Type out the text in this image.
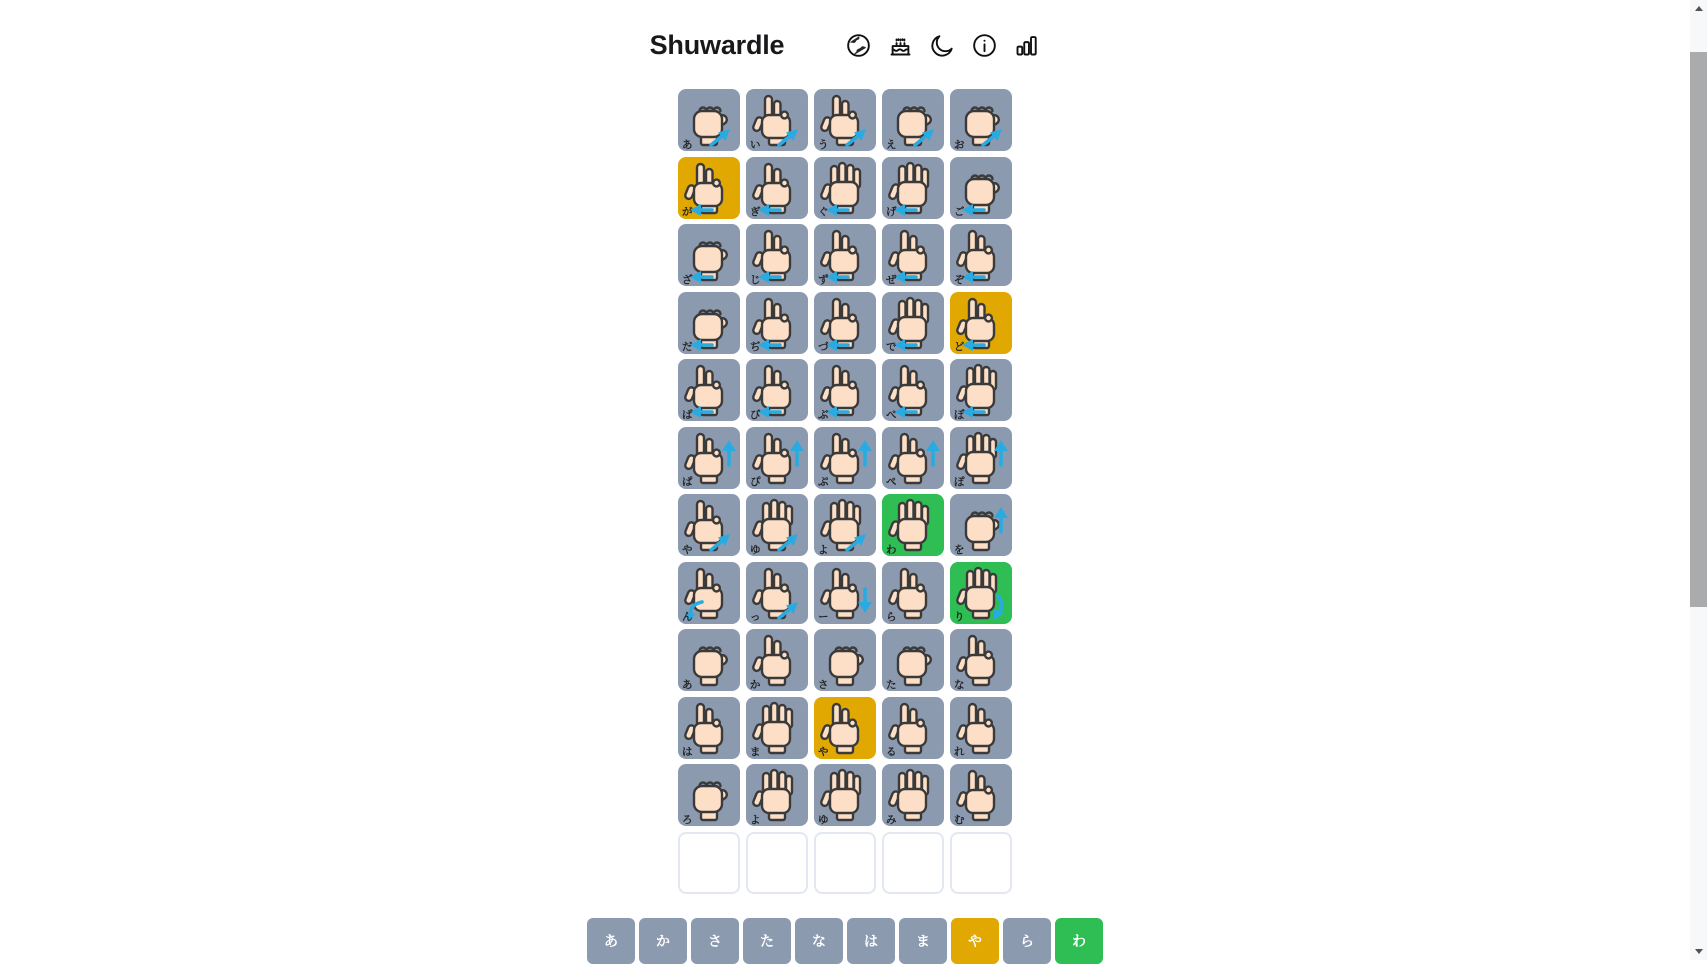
Shuwardle
あ	い	う	え	お
が	ぎ	ぐ	げ	ご
ざ	じ	ず	ぜ	ぞ
だ	ぢ	づ	で	ど
ば	び	ぶ	べ	ぼ
ぱ	ぴ	ぷ	ぺ	ぽ
や	ゆ	よ	わ	を
ん	っ	ー	ら	り
あ	か	さ	た	な
は	ま	や	る	れ
ろ	よ	ゆ	み	む
あ	か	さ	た	な	は	ま	や	ら	わ
